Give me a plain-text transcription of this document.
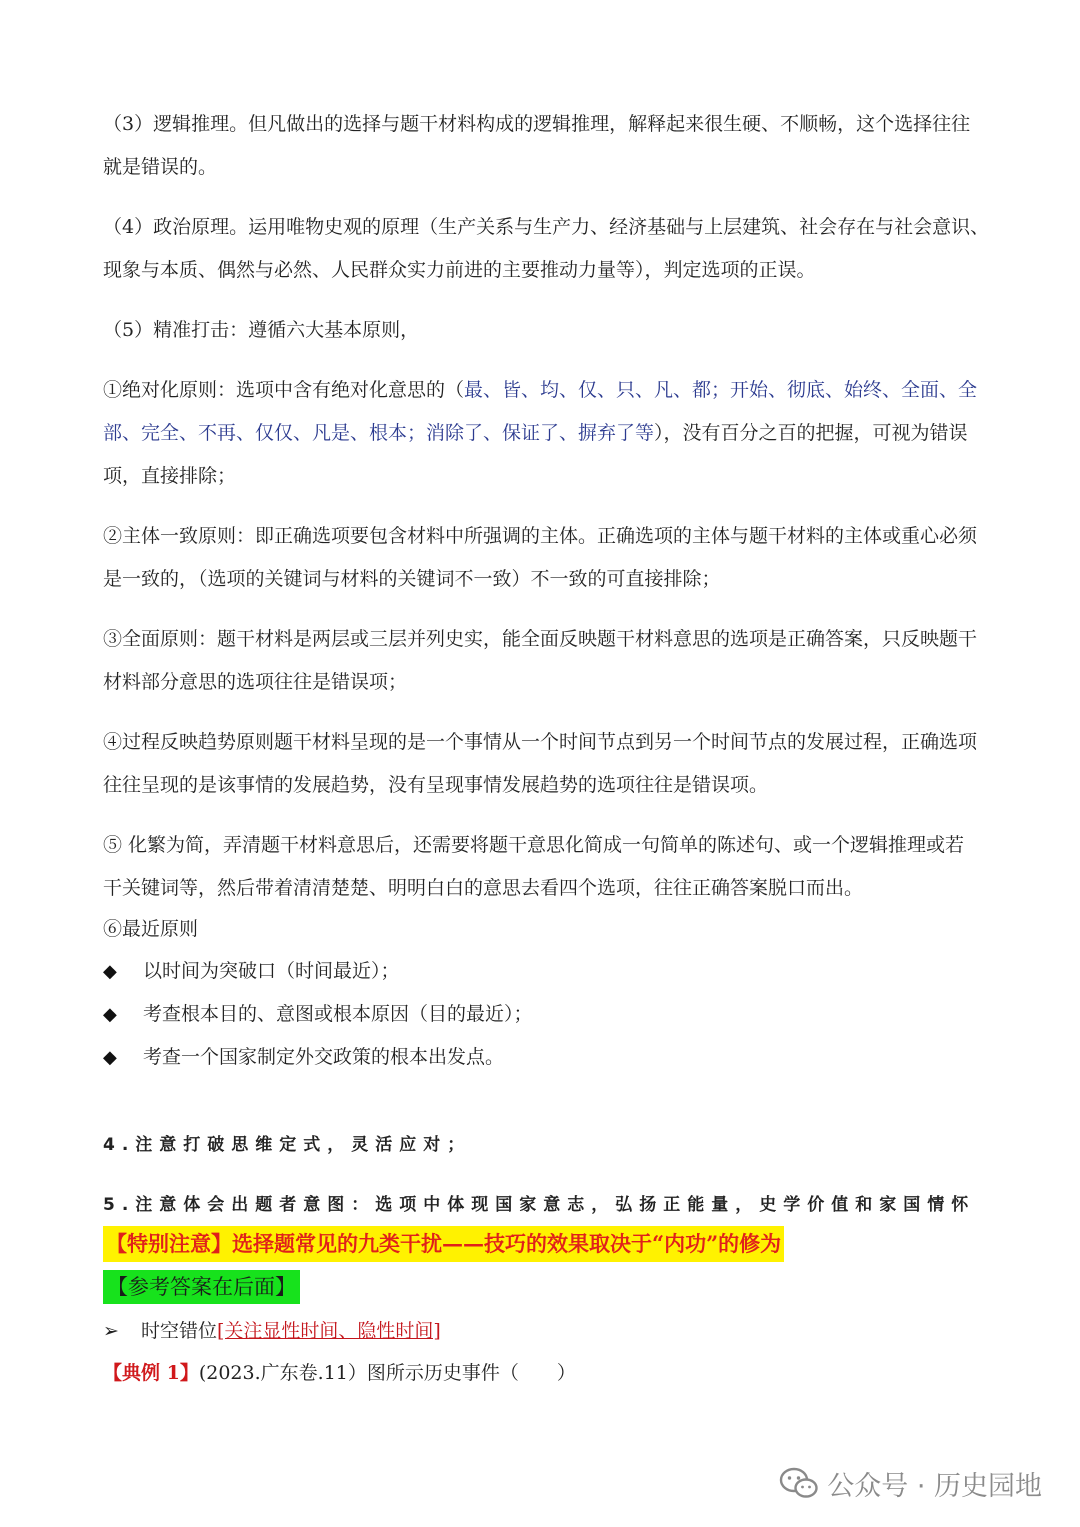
（3）逻辑推理。但凡做出的选择与题干材料构成的逻辑推理，解释起来很生硬、不顺畅，这个选择往往
就是错误的。
（4）政治原理。运用唯物史观的原理（生产关系与生产力、经济基础与上层建筑、社会存在与社会意识、
现象与本质、偶然与必然、人民群众实力前进的主要推动力量等），判定选项的正误。
（5）精准打击：遵循六大基本原则，
①绝对化原则：选项中含有绝对化意思的（最、皆、均、仅、只、凡、都；开始、彻底、始终、全面、全
部、完全、不再、仅仅、凡是、根本；消除了、保证了、摒弃了等），没有百分之百的把握，可视为错误
项，直接排除；
②主体一致原则：即正确选项要包含材料中所强调的主体。正确选项的主体与题干材料的主体或重心必须
是一致的，（选项的关键词与材料的关键词不一致）不一致的可直接排除；
③全面原则：题干材料是两层或三层并列史实，能全面反映题干材料意思的选项是正确答案，只反映题干
材料部分意思的选项往往是错误项；
④过程反映趋势原则题干材料呈现的是一个事情从一个时间节点到另一个时间节点的发展过程，正确选项
往往呈现的是该事情的发展趋势，没有呈现事情发展趋势的选项往往是错误项。
⑤ 化繁为简，弄清题干材料意思后，还需要将题干意思化简成一句简单的陈述句、或一个逻辑推理或若
干关键词等，然后带着清清楚楚、明明白白的意思去看四个选项，往往正确答案脱口而出。
⑥最近原则
◆ 以时间为突破口（时间最近）；
◆ 考查根本目的、意图或根本原因（目的最近）；
◆ 考查一个国家制定外交政策的根本出发点。
4.注意打破思维定式，灵活应对；
5.注意体会出题者意图：选项中体现国家意志，弘扬正能量，史学价值和家国情怀
【特别注意】选择题常见的九类干扰——技巧的效果取决于“内功”的修为
【参考答案在后面】
➢ 时空错位[关注显性时间、隐性时间]
【典例 1】(2023.广东卷.11）图所示历史事件（　　）
公众号 · 历史园地
